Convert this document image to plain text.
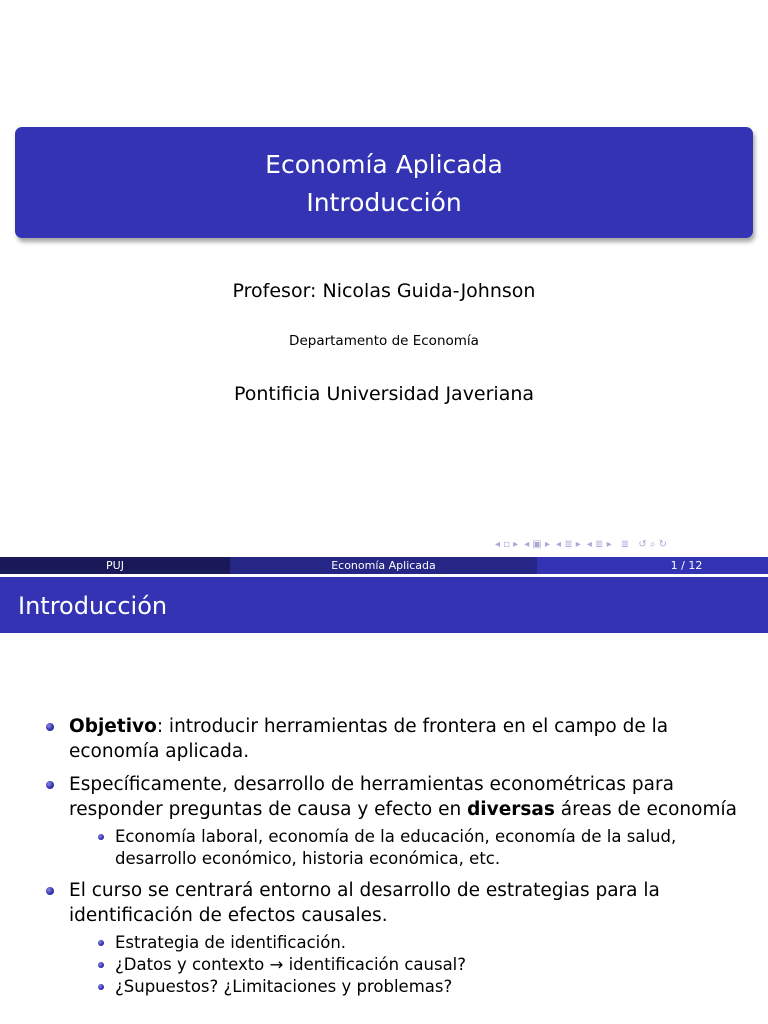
Economía Aplicada
Introducción
Profesor: Nicolas Guida-Johnson
Departamento de Economía
Pontificia Universidad Javeriana
◂ ▫ ▸ ◂ ▣ ▸ ◂ ≣ ▸ ◂ ≣ ▸ ≣ ↺ ⌕ ↻
PUJ	Economía Aplicada	1 / 12
Introducción
Objetivo: introducir herramientas de frontera en el campo de la economía aplicada.
Específicamente, desarrollo de herramientas econométricas para responder preguntas de causa y efecto en diversas áreas de economía
Economía laboral, economía de la educación, economía de la salud, desarrollo económico, historia económica, etc.
El curso se centrará entorno al desarrollo de estrategias para la identificación de efectos causales.
Estrategia de identificación.
¿Datos y contexto → identificación causal?
¿Supuestos? ¿Limitaciones y problemas?
